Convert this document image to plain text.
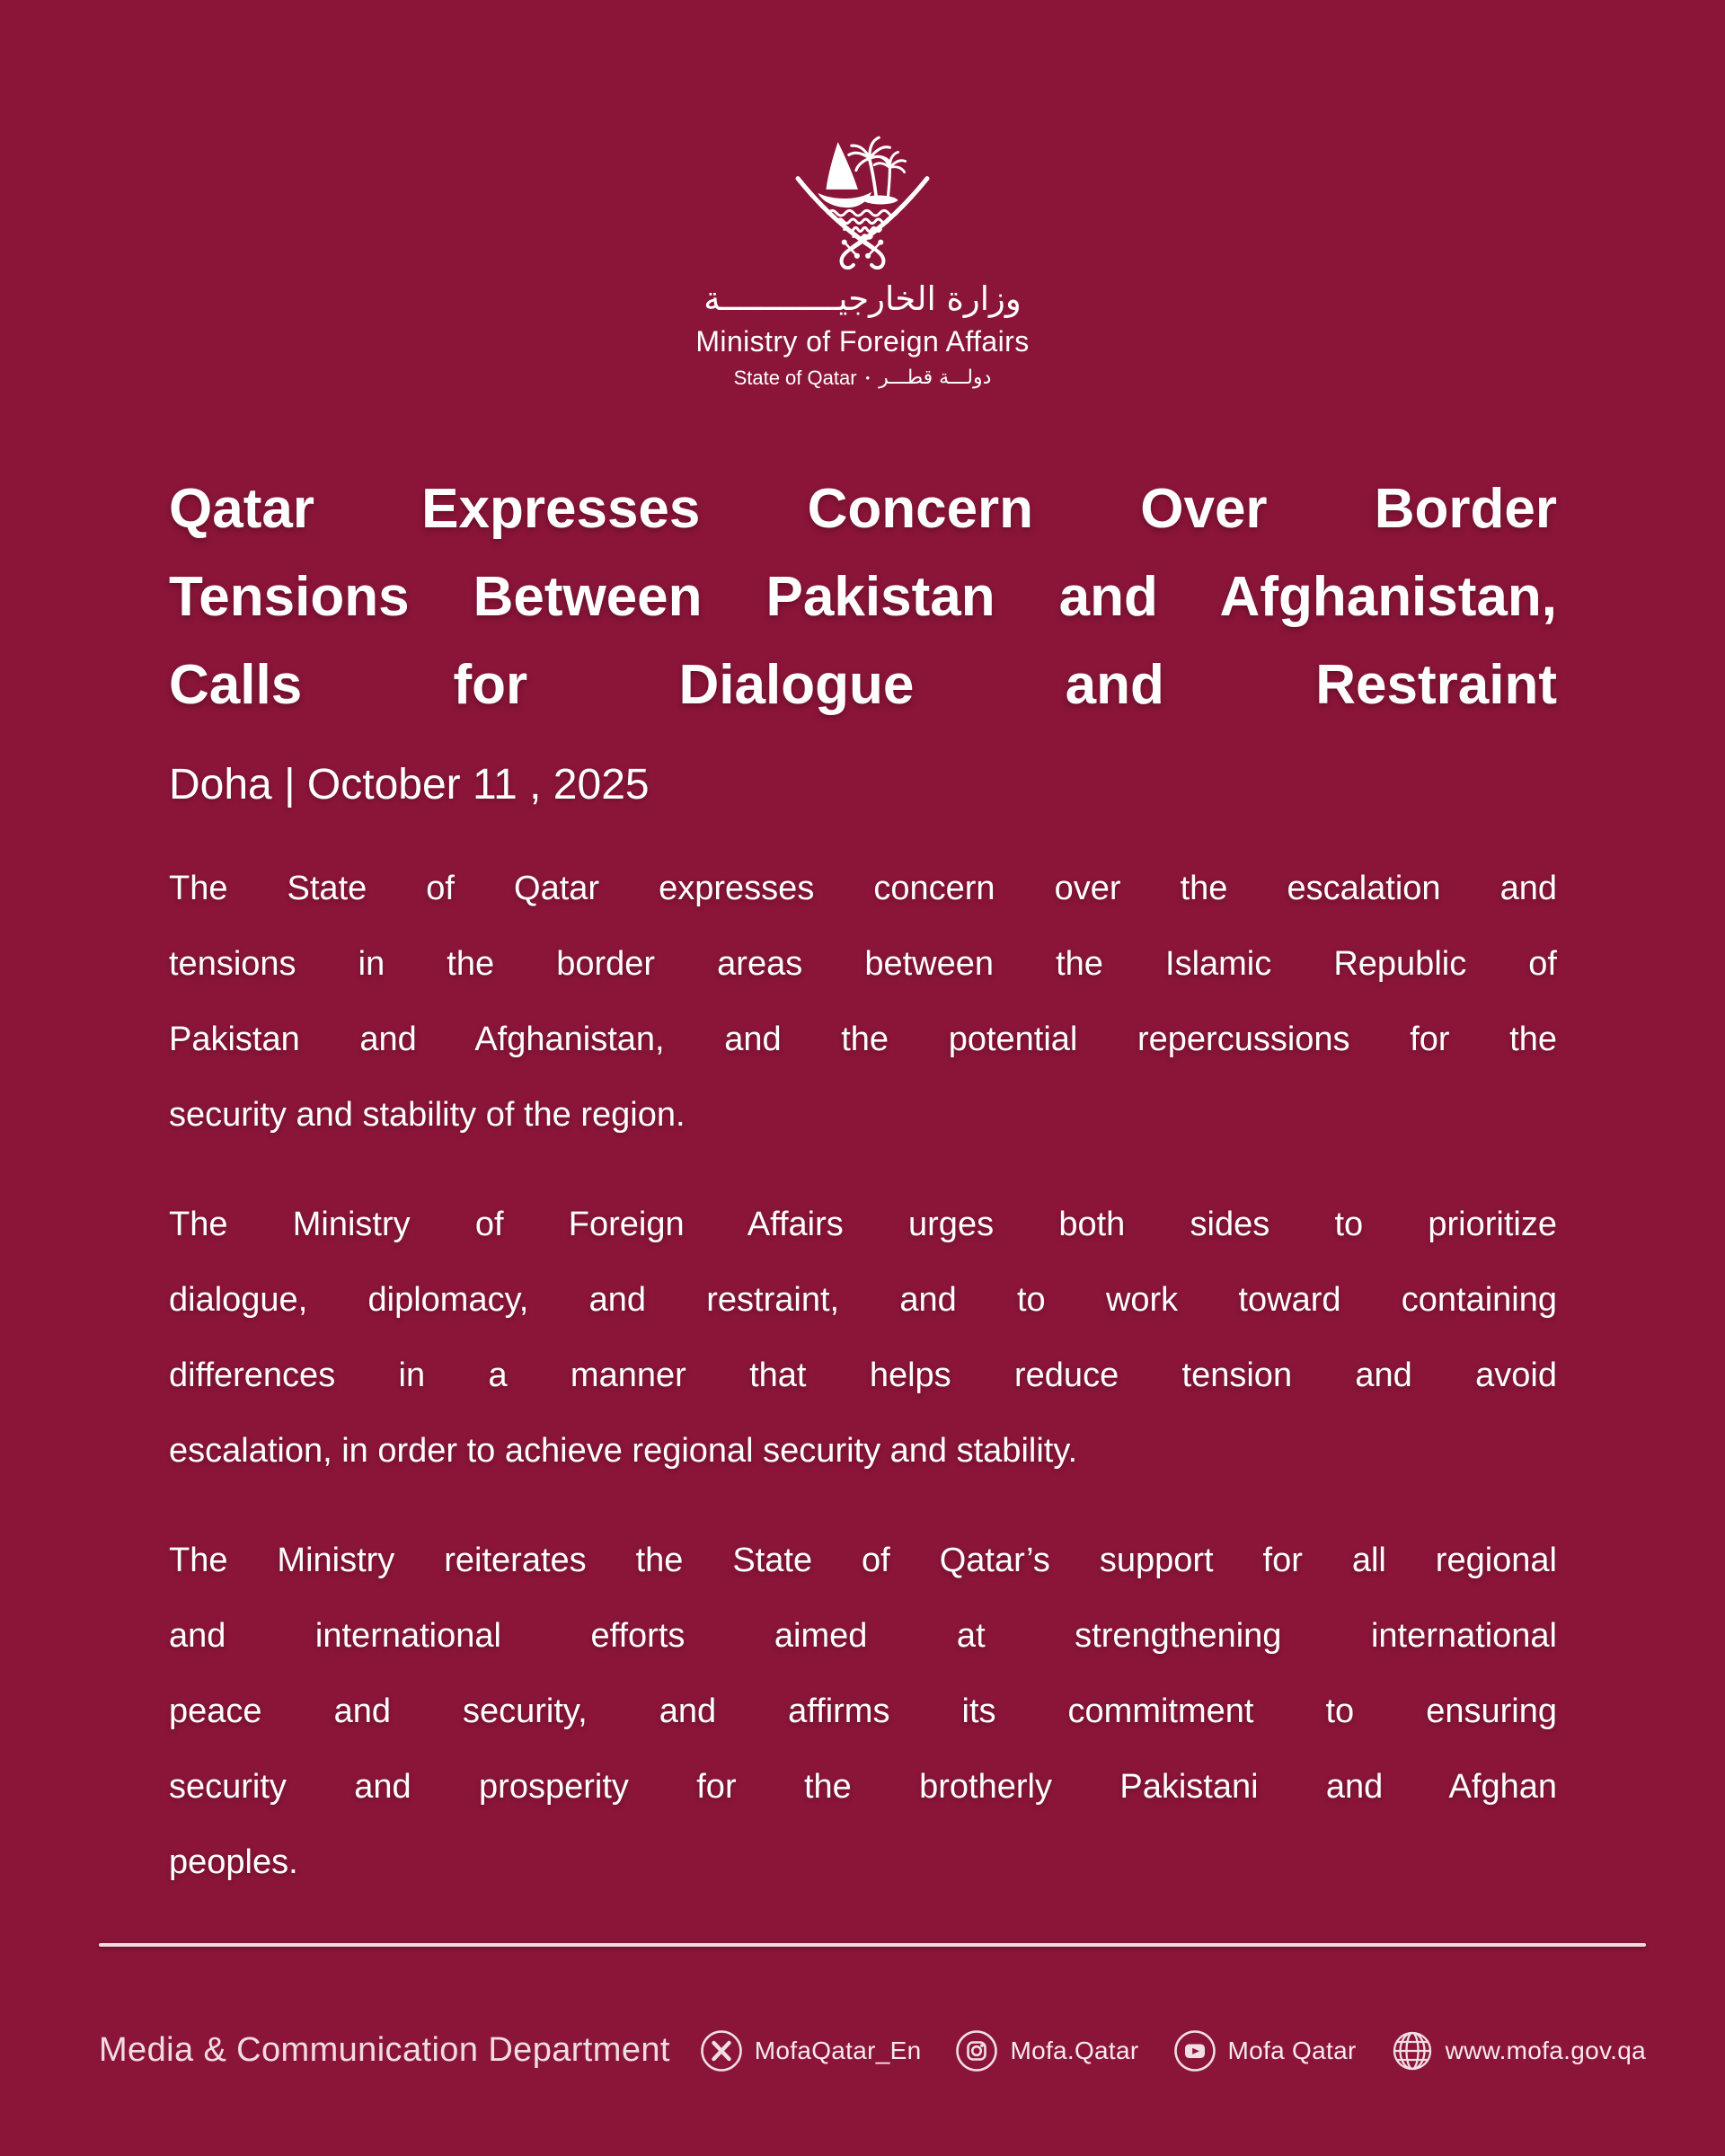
وزارة الخارجيــــــــــــة
Ministry of Foreign Affairs
State of Qatar • دولـــة قطـــر
Qatar Expresses Concern Over Border
Tensions Between Pakistan and Afghanistan,
Calls for Dialogue and Restraint
Doha | October 11 , 2025
The State of Qatar expresses concern over the escalation and
tensions in the border areas between the Islamic Republic of
Pakistan and Afghanistan, and the potential repercussions for the
security and stability of the region.
The Ministry of Foreign Affairs urges both sides to prioritize
dialogue, diplomacy, and restraint, and to work toward containing
differences in a manner that helps reduce tension and avoid
escalation, in order to achieve regional security and stability.
The Ministry reiterates the State of Qatar’s support for all regional
and international efforts aimed at strengthening international
peace and security, and affirms its commitment to ensuring
security and prosperity for the brotherly Pakistani and Afghan
peoples.
Media & Communication Department	MofaQatar_En	Mofa.Qatar	Mofa Qatar	www.mofa.gov.qa
